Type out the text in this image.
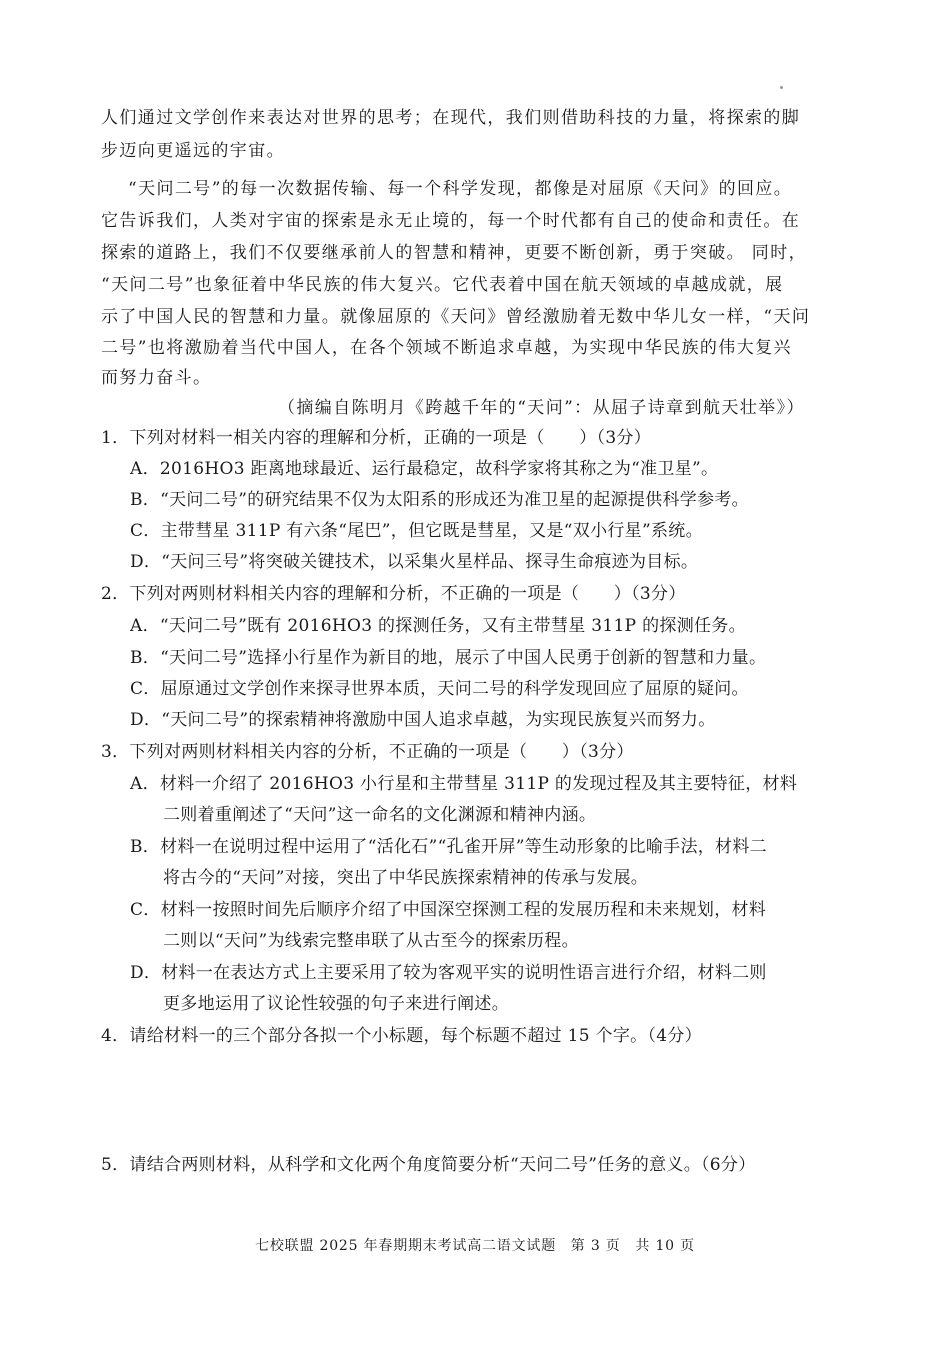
人们通过文学创作来表达对世界的思考；在现代，我们则借助科技的力量，将探索的脚
步迈向更遥远的宇宙。
“天问二号”的每一次数据传输、每一个科学发现，都像是对屈原《天问》的回应。
它告诉我们，人类对宇宙的探索是永无止境的，每一个时代都有自己的使命和责任。在
探索的道路上，我们不仅要继承前人的智慧和精神，更要不断创新，勇于突破。 同时，
“天问二号”也象征着中华民族的伟大复兴。它代表着中国在航天领域的卓越成就，展
示了中国人民的智慧和力量。就像屈原的《天问》曾经激励着无数中华儿女一样，“天问
二号”也将激励着当代中国人，在各个领域不断追求卓越，为实现中华民族的伟大复兴
而努力奋斗。
（摘编自陈明月《跨越千年的“天问”：从屈子诗章到航天壮举》）
1．下列对材料一相关内容的理解和分析，正确的一项是（　　）（3分）
A．2016HO3 距离地球最近、运行最稳定，故科学家将其称之为“准卫星”。
B．“天问二号”的研究结果不仅为太阳系的形成还为准卫星的起源提供科学参考。
C．主带彗星 311P 有六条“尾巴”，但它既是彗星，又是“双小行星”系统。
D．“天问三号”将突破关键技术，以采集火星样品、探寻生命痕迹为目标。
2．下列对两则材料相关内容的理解和分析，不正确的一项是（　　）（3分）
A．“天问二号”既有 2016HO3 的探测任务，又有主带彗星 311P 的探测任务。
B．“天问二号”选择小行星作为新目的地，展示了中国人民勇于创新的智慧和力量。
C．屈原通过文学创作来探寻世界本质，天问二号的科学发现回应了屈原的疑问。
D．“天问二号”的探索精神将激励中国人追求卓越，为实现民族复兴而努力。
3．下列对两则材料相关内容的分析，不正确的一项是（　　）（3分）
A．材料一介绍了 2016HO3 小行星和主带彗星 311P 的发现过程及其主要特征，材料
二则着重阐述了“天问”这一命名的文化渊源和精神内涵。
B．材料一在说明过程中运用了“活化石”“孔雀开屏”等生动形象的比喻手法，材料二
将古今的“天问”对接，突出了中华民族探索精神的传承与发展。
C．材料一按照时间先后顺序介绍了中国深空探测工程的发展历程和未来规划，材料
二则以“天问”为线索完整串联了从古至今的探索历程。
D．材料一在表达方式上主要采用了较为客观平实的说明性语言进行介绍，材料二则
更多地运用了议论性较强的句子来进行阐述。
4．请给材料一的三个部分各拟一个小标题，每个标题不超过 15 个字。（4分）
5．请结合两则材料，从科学和文化两个角度简要分析“天问二号”任务的意义。（6分）
七校联盟 2025 年春期期末考试高二语文试题　第 3 页　共 10 页
